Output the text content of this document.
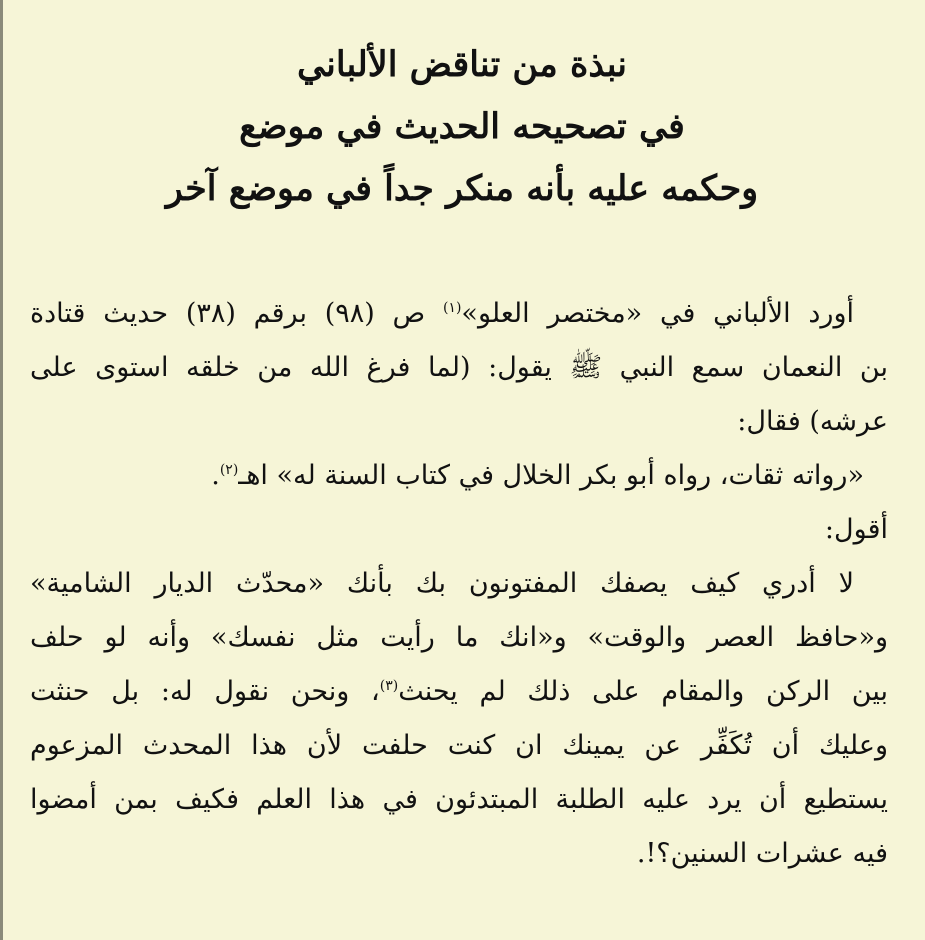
نبذة من تناقض الألباني
في تصحيحه الحديث في موضع
وحكمه عليه بأنه منكر جداً في موضع آخر
أورد الألباني في «مختصر العلو»$^{(١)}$ ص (٩٨) برقم (٣٨) حديث قتادة
بن النعمان سمع النبي ﷺ يقول: (لما فرغ الله من خلقه استوى على
عرشه) فقال:
«رواته ثقات، رواه أبو بكر الخلال في كتاب السنة له» اهـ$^{(٢)}$.
أقول:
لا أدري كيف يصفك المفتونون بك بأنك «محدّث الديار الشامية»
و«حافظ العصر والوقت» و«انك ما رأيت مثل نفسك» وأنه لو حلف
بين الركن والمقام على ذلك لم يحنث$^{(٣)}$، ونحن نقول له: بل حنثت
وعليك أن تُكَفِّر عن يمينك ان كنت حلفت لأن هذا المحدث المزعوم
يستطيع أن يرد عليه الطلبة المبتدئون في هذا العلم فكيف بمن أمضوا
فيه عشرات السنين؟!.
